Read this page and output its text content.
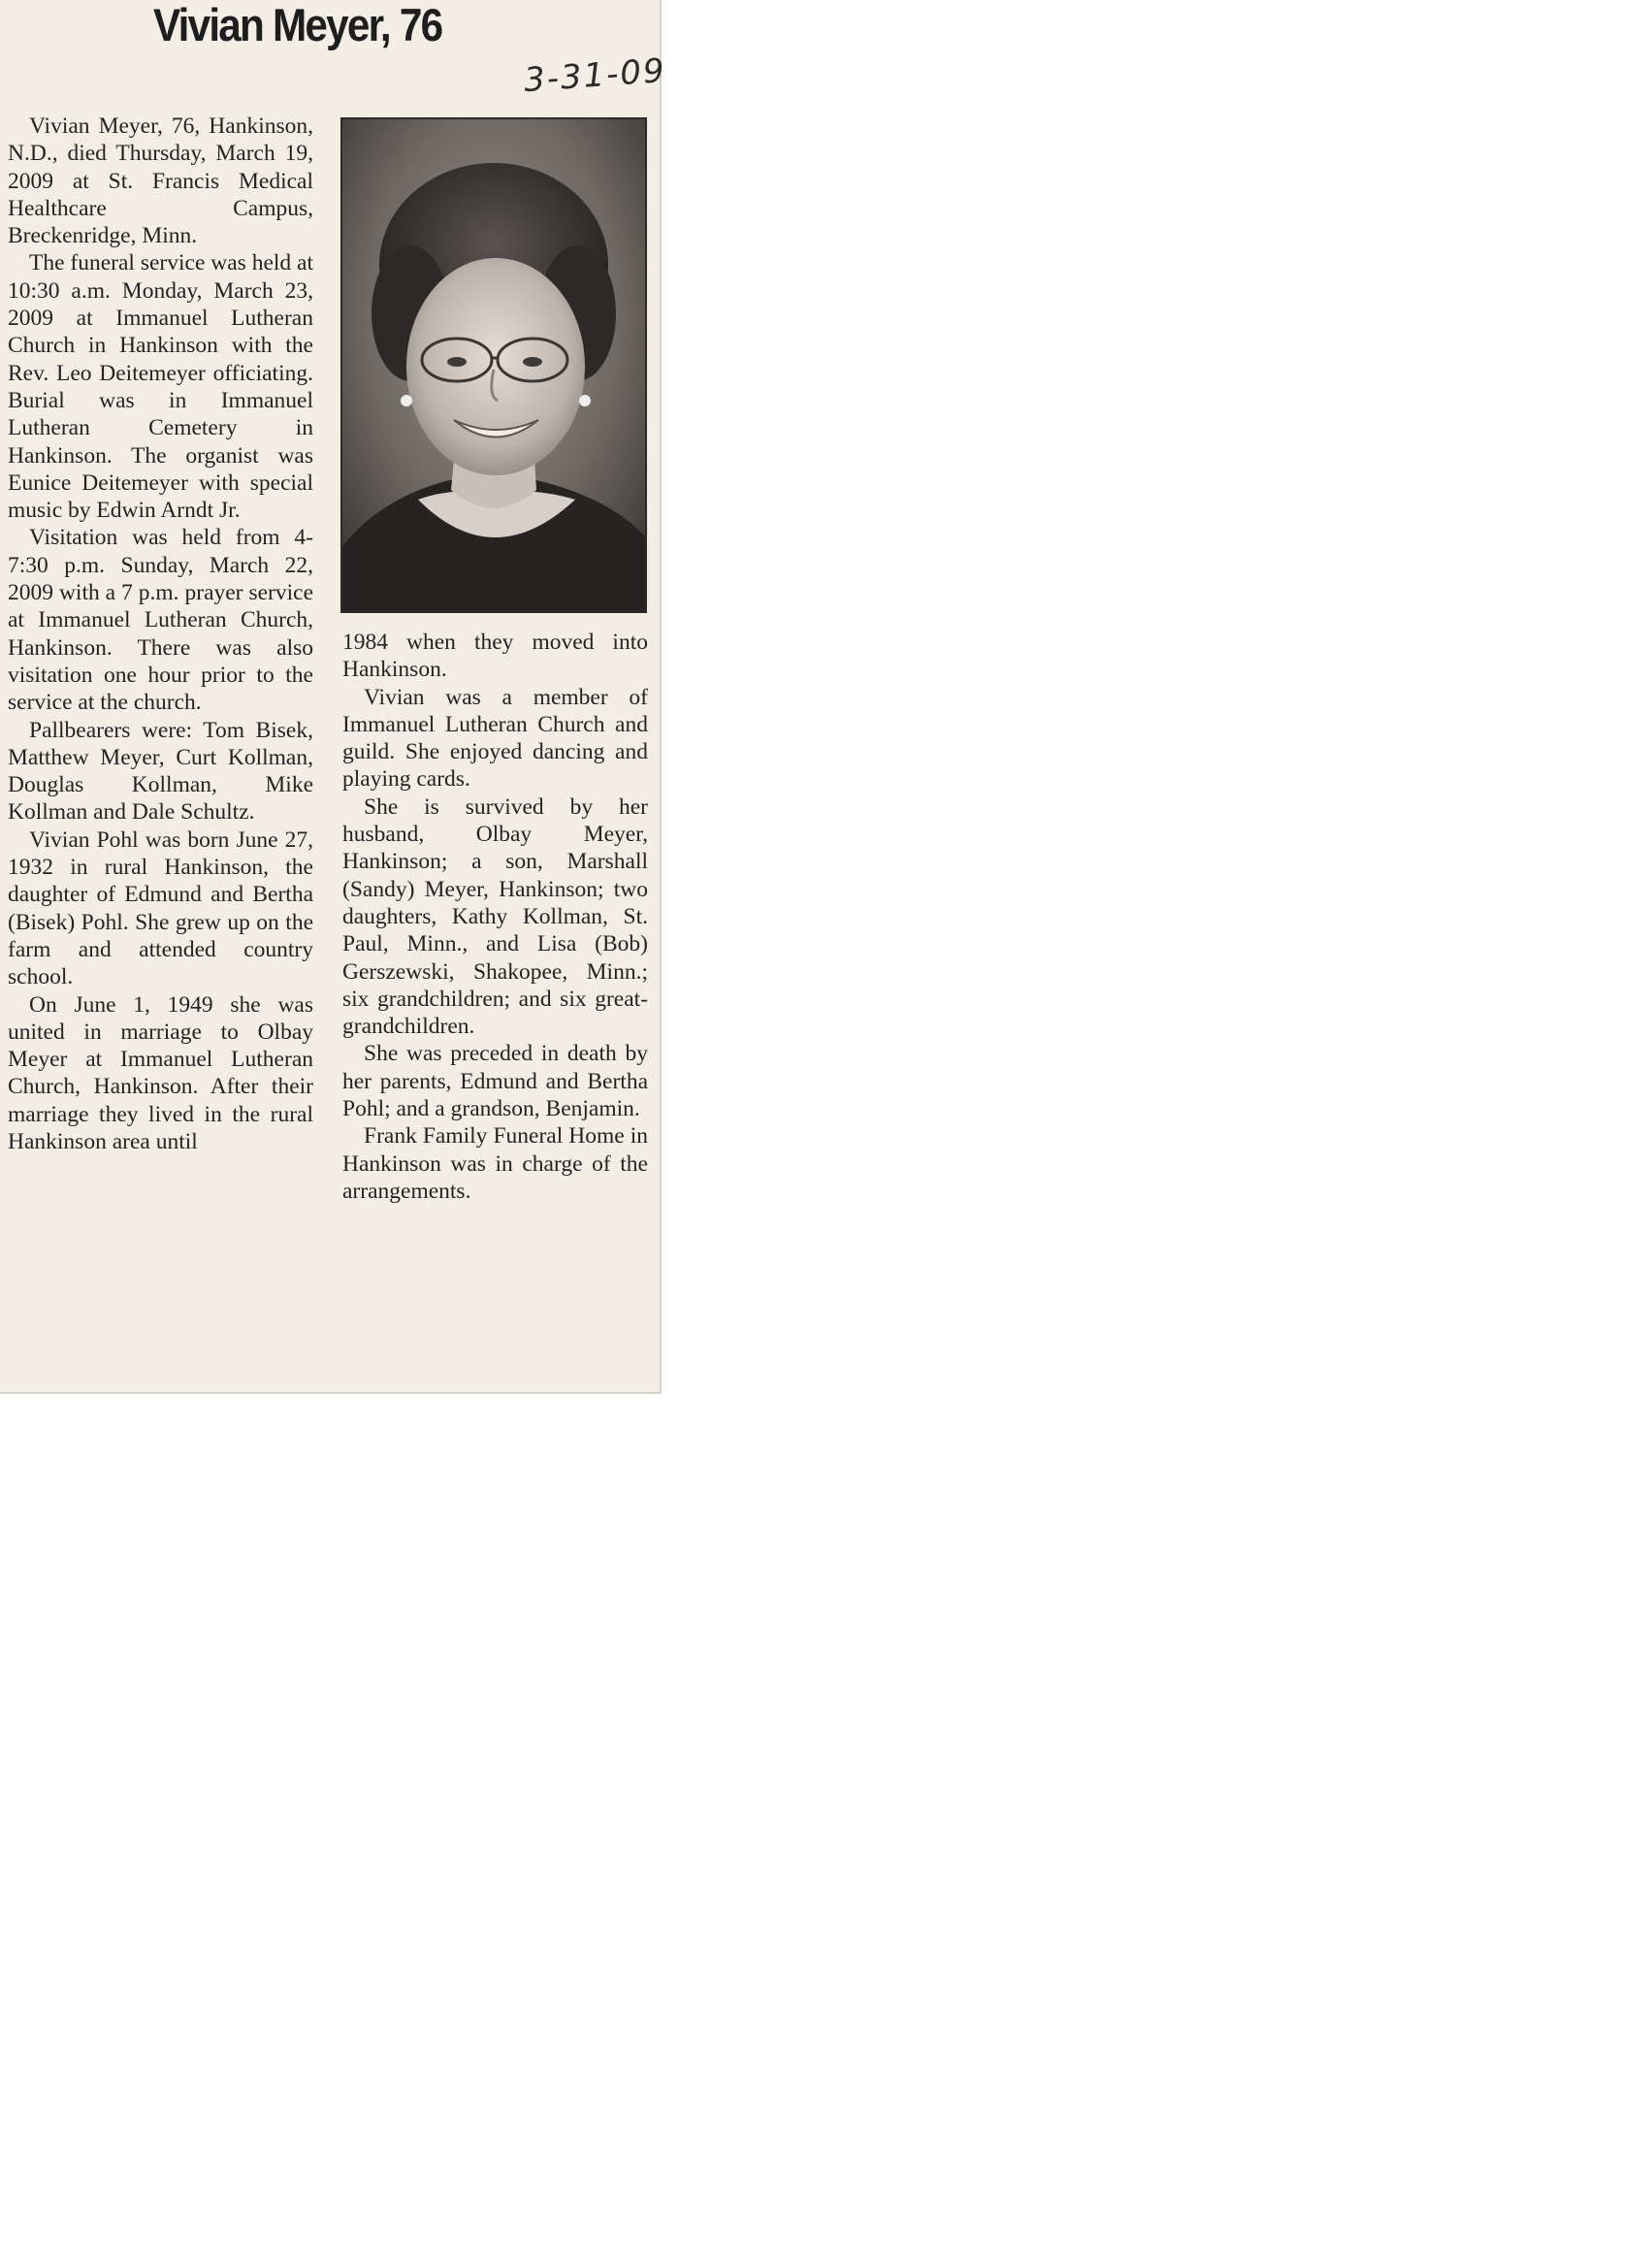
Vivian Meyer, 76
3-31-09

Vivian Meyer, 76, Hankinson, N.D., died Thursday, March 19, 2009 at St. Francis Medical Healthcare Campus, Breckenridge, Minn.

The funeral service was held at 10:30 a.m. Monday, March 23, 2009 at Immanuel Lutheran Church in Hankinson with the Rev. Leo Deitemeyer officiating. Burial was in Immanuel Lutheran Cemetery in Hankinson. The organist was Eunice Deitemeyer with special music by Edwin Arndt Jr.

Visitation was held from 4-7:30 p.m. Sunday, March 22, 2009 with a 7 p.m. prayer service at Immanuel Lutheran Church, Hankinson. There was also visitation one hour prior to the service at the church.

Pallbearers were: Tom Bisek, Matthew Meyer, Curt Kollman, Douglas Kollman, Mike Kollman and Dale Schultz.

Vivian Pohl was born June 27, 1932 in rural Hankinson, the daughter of Edmund and Bertha (Bisek) Pohl. She grew up on the farm and attended country school.

On June 1, 1949 she was united in marriage to Olbay Meyer at Immanuel Lutheran Church, Hankinson. After their marriage they lived in the rural Hankinson area until

1984 when they moved into Hankinson.

Vivian was a member of Immanuel Lutheran Church and guild. She enjoyed dancing and playing cards.

She is survived by her husband, Olbay Meyer, Hankinson; a son, Marshall (Sandy) Meyer, Hankinson; two daughters, Kathy Kollman, St. Paul, Minn., and Lisa (Bob) Gerszewski, Shakopee, Minn.; six grandchildren; and six great-grandchildren.

She was preceded in death by her parents, Edmund and Bertha Pohl; and a grandson, Benjamin.

Frank Family Funeral Home in Hankinson was in charge of the arrangements.
